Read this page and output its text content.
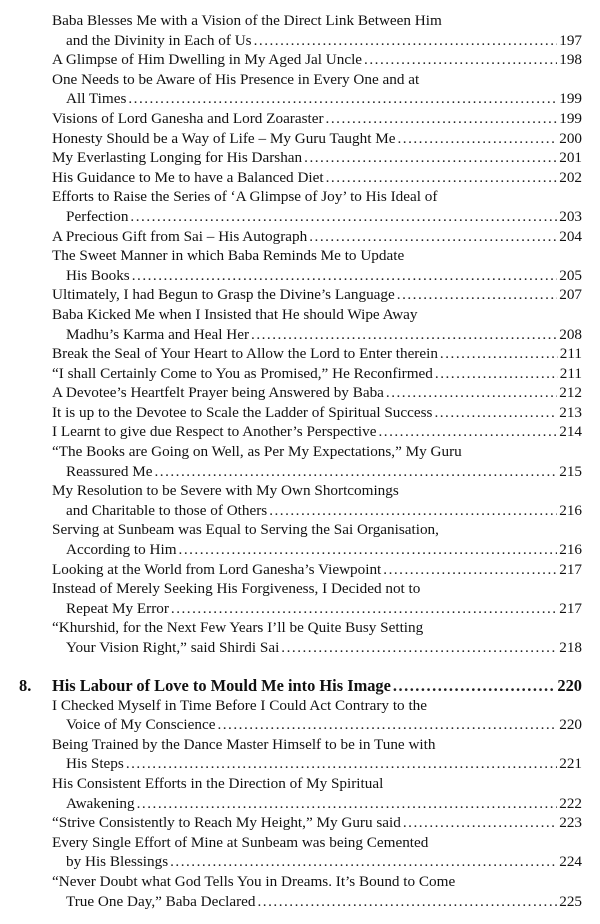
Baba Blesses Me with a Vision of the Direct Link Between Him
and the Divinity in Each of Us .....	197
A Glimpse of Him Dwelling in My Aged Jal Uncle .....	198
One Needs to be Aware of His Presence in Every One and at
All Times .....	199
Visions of Lord Ganesha and Lord Zoaraster .....	199
Honesty Should be a Way of Life – My Guru Taught Me .....	200
My Everlasting Longing for His Darshan .....	201
His Guidance to Me to have a Balanced Diet .....	202
Efforts to Raise the Series of ‘A Glimpse of Joy’ to His Ideal of
Perfection .....	203
A Precious Gift from Sai – His Autograph .....	204
The Sweet Manner in which Baba Reminds Me to Update
His Books .....	205
Ultimately, I had Begun to Grasp the Divine’s Language .....	207
Baba Kicked Me when I Insisted that He should Wipe Away
Madhu’s Karma and Heal Her .....	208
Break the Seal of Your Heart to Allow the Lord to Enter therein .....	211
“I shall Certainly Come to You as Promised,” He Reconfirmed .....	211
A Devotee’s Heartfelt Prayer being Answered by Baba .....	212
It is up to the Devotee to Scale the Ladder of Spiritual Success .....	213
I Learnt to give due Respect to Another’s Perspective .....	214
“The Books are Going on Well, as Per My Expectations,” My Guru
Reassured Me .....	215
My Resolution to be Severe with My Own Shortcomings
and Charitable to those of Others .....	216
Serving at Sunbeam was Equal to Serving the Sai Organisation,
According to Him .....	216
Looking at the World from Lord Ganesha’s Viewpoint .....	217
Instead of Merely Seeking His Forgiveness, I Decided not to
Repeat My Error .....	217
“Khurshid, for the Next Few Years I’ll be Quite Busy Setting
Your Vision Right,” said Shirdi Sai .....	218
8. His Labour of Love to Mould Me into His Image .....	220
I Checked Myself in Time Before I Could Act Contrary to the
Voice of My Conscience .....	220
Being Trained by the Dance Master Himself to be in Tune with
His Steps .....	221
His Consistent Efforts in the Direction of My Spiritual
Awakening .....	222
“Strive Consistently to Reach My Height,” My Guru said .....	223
Every Single Effort of Mine at Sunbeam was being Cemented
by His Blessings .....	224
“Never Doubt what God Tells You in Dreams. It’s Bound to Come
True One Day,” Baba Declared .....	225
